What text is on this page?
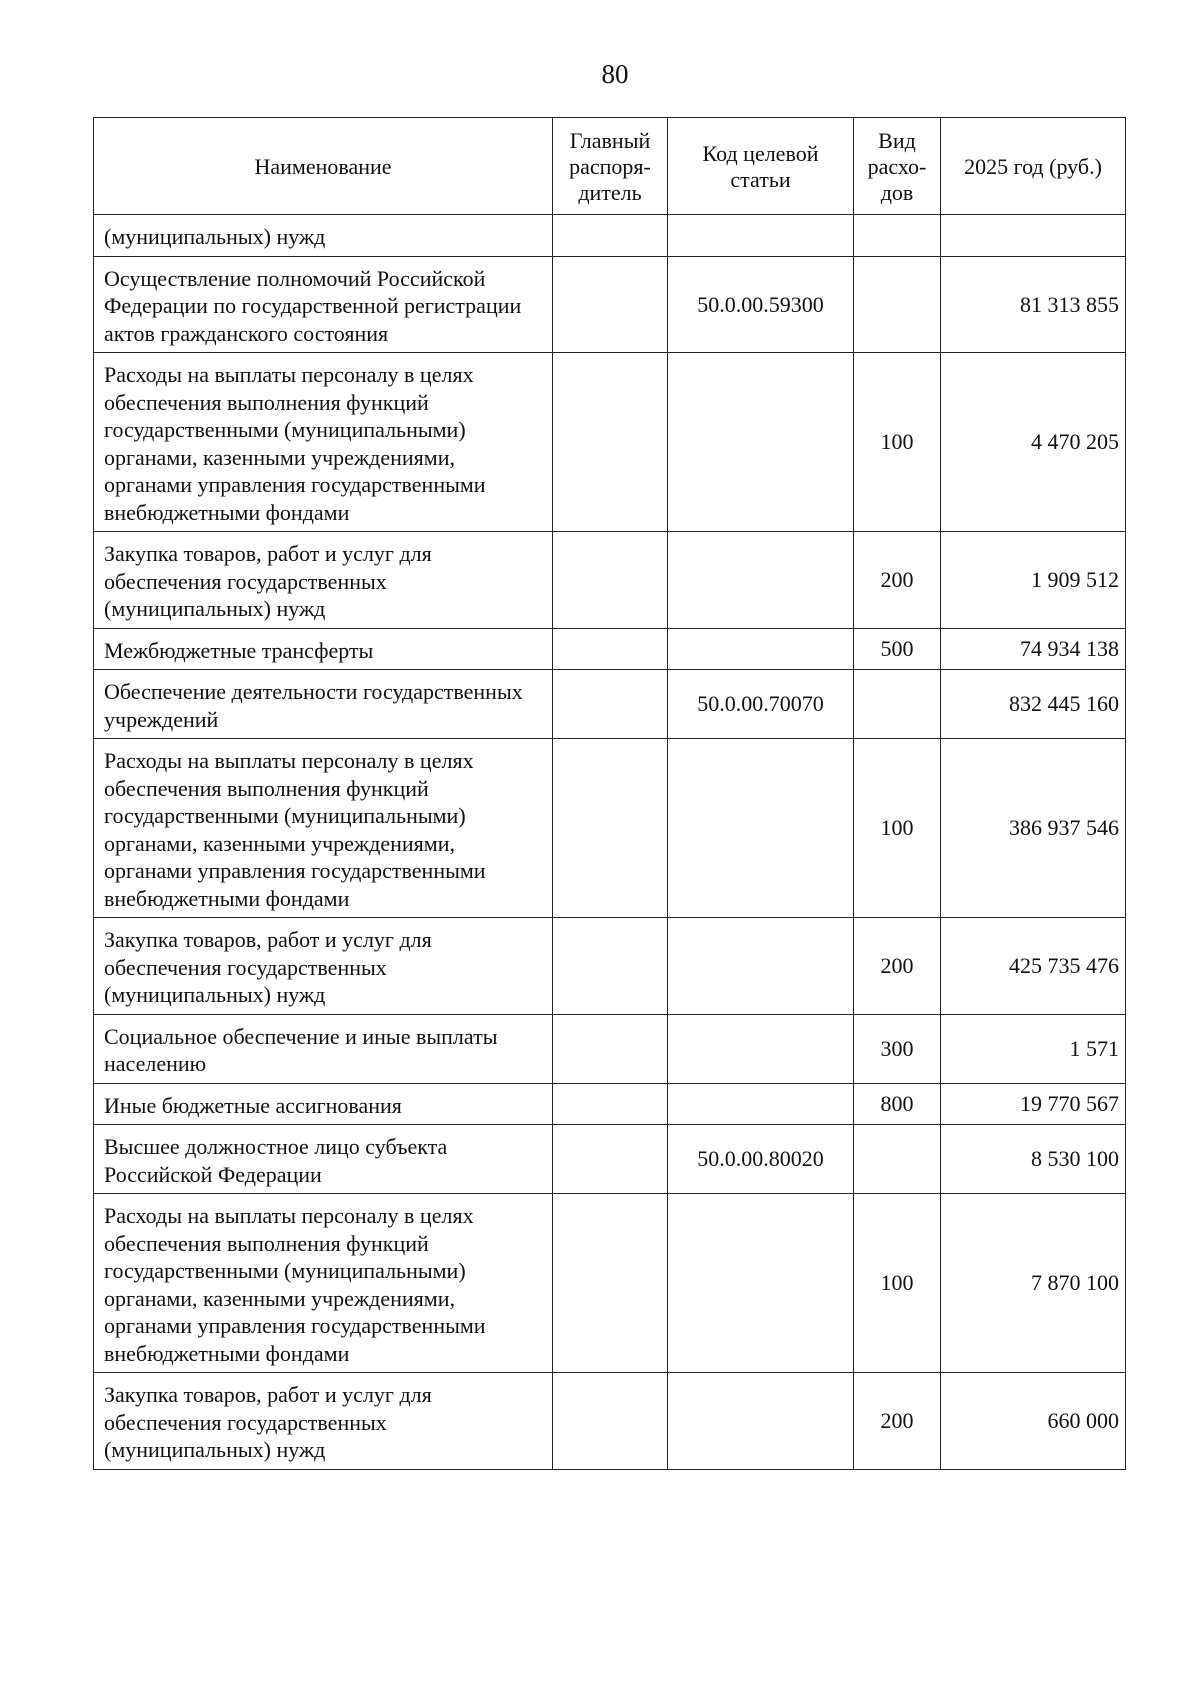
80
Наименование	Главный распоря-дитель	Код целевой статьи	Вид расхо-дов	2025 год (руб.)
(муниципальных) нужд				
Осуществление полномочий Российской Федерации по государственной регистрации актов гражданского состояния		50.0.00.59300		81 313 855
Расходы на выплаты персоналу в целях обеспечения выполнения функций государственными (муниципальными) органами, казенными учреждениями, органами управления государственными внебюджетными фондами			100	4 470 205
Закупка товаров, работ и услуг для обеспечения государственных (муниципальных) нужд			200	1 909 512
Межбюджетные трансферты			500	74 934 138
Обеспечение деятельности государственных учреждений		50.0.00.70070		832 445 160
Расходы на выплаты персоналу в целях обеспечения выполнения функций государственными (муниципальными) органами, казенными учреждениями, органами управления государственными внебюджетными фондами			100	386 937 546
Закупка товаров, работ и услуг для обеспечения государственных (муниципальных) нужд			200	425 735 476
Социальное обеспечение и иные выплаты населению			300	1 571
Иные бюджетные ассигнования			800	19 770 567
Высшее должностное лицо субъекта Российской Федерации		50.0.00.80020		8 530 100
Расходы на выплаты персоналу в целях обеспечения выполнения функций государственными (муниципальными) органами, казенными учреждениями, органами управления государственными внебюджетными фондами			100	7 870 100
Закупка товаров, работ и услуг для обеспечения государственных (муниципальных) нужд			200	660 000
